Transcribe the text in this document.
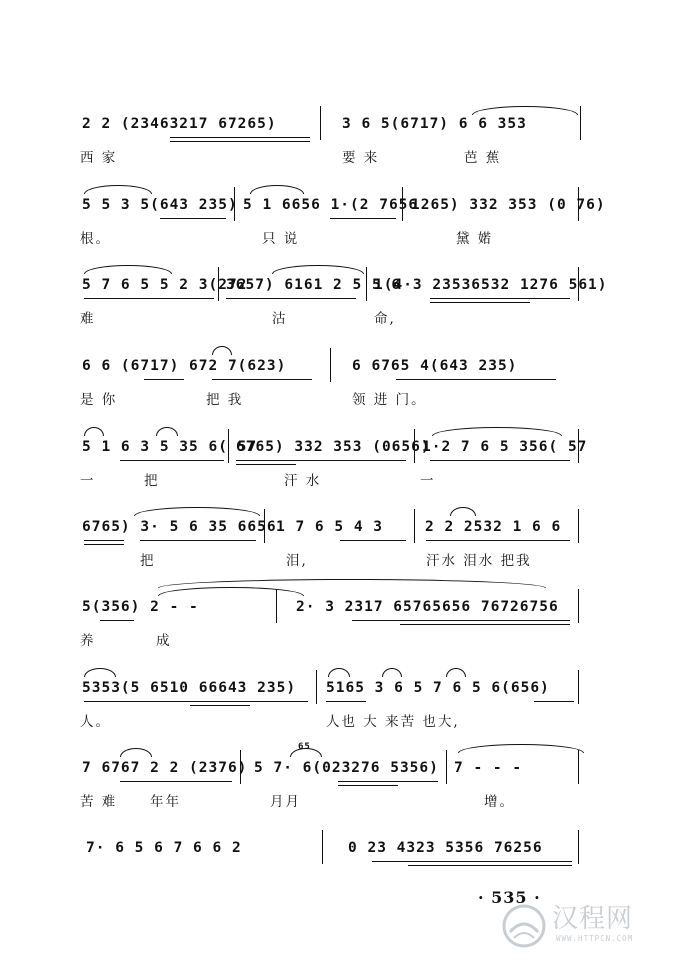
2 2 (23463217 67265)	3 6 5(6717) 6 6 353
西 家	要 来	芭 蕉
5 5 3 5(643 235) 5 1 6656 1·(2 7656
1265) 332 353 (0 76)
根。	只 说	黛 婼
5 7 6 5 5 2 3(272
3657) 6161 2 5 5 6
1(4·3 23536532 1276 561)
难	沽	命,
6 6 (6717) 672 7(623)	6 6765 4(643 235)
是 你	把 我	领 进 门。
5 1 6 3 5 35 6( 57
6765) 332 353 (0656)
1·2 7 6 5 356( 57
一	把	汗 水	一
6765) 3· 5 6 35 6656 1 7 6 5 4 3	2 2 2532 1 6 6
把	泪,	汗水 泪水 把我
5(356) 2 - -	2· 3 2317 65765656 76726756
养	成
5353(5 6510 66643 235) 5165 3 6 5 7 6 5 6(656)
人。	人也 大 来苦 也大,
7 6767 2 2 (2376) 5 7· 6(023276 5356) 7 - - -
65
苦 难 年年	月月	增。
7· 6 5 6 7 6 6 2	0 23 4323 5356 76256
· 535 ·
汉程网
WWW.HTTPCN.COM
